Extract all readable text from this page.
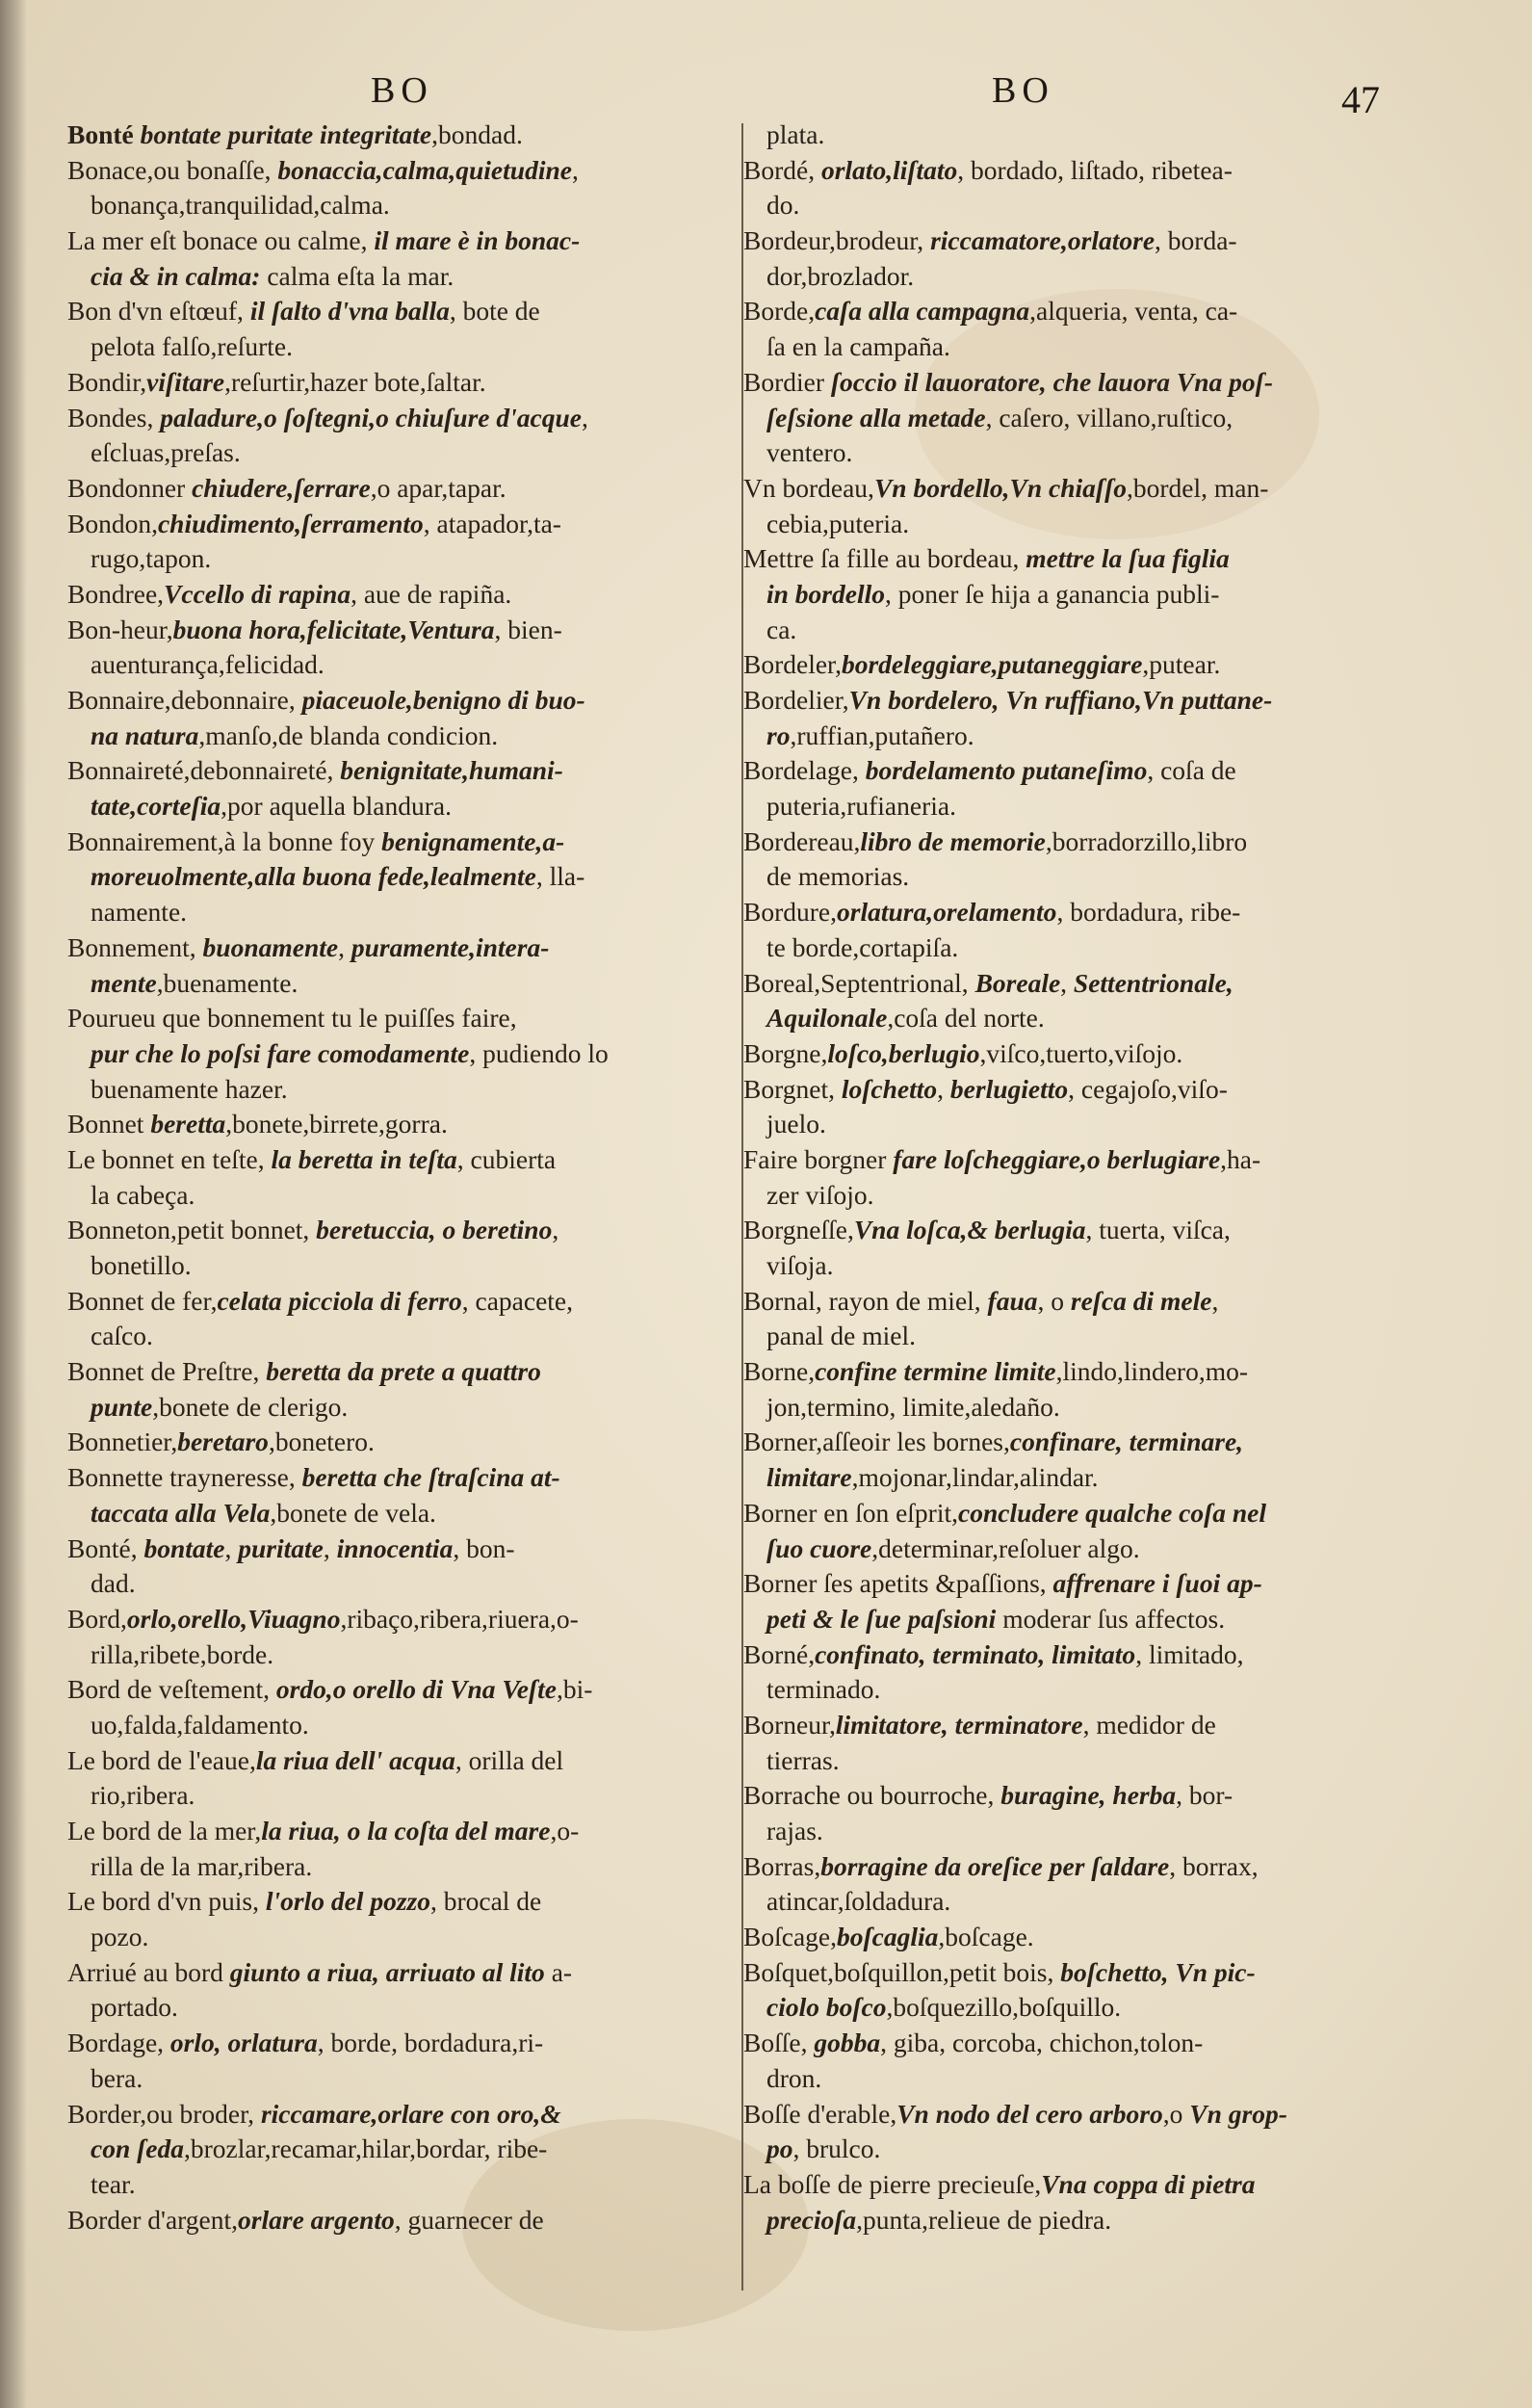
BO	BO	47
Bonté bontate puritate integritate,bondad.
Bonace,ou bonaſſe, bonaccia,calma,quietudine,
bonança,tranquilidad,calma.
La mer eſt bonace ou calme, il mare è in bonac-
cia & in calma: calma eſta la mar.
Bon d'vn eſtœuf, il ſalto d'vna balla, bote de
pelota falſo,reſurte.
Bondir,viſitare,reſurtir,hazer bote,ſaltar.
Bondes, paladure,o ſoſtegni,o chiuſure d'acque,
eſcluas,preſas.
Bondonner chiudere,ſerrare,o apar,tapar.
Bondon,chiudimento,ſerramento, atapador,ta-
rugo,tapon.
Bondree,Vccello di rapina, aue de rapiña.
Bon-heur,buona hora,felicitate,Ventura, bien-
auenturança,felicidad.
Bonnaire,debonnaire, piaceuole,benigno di buo-
na natura,manſo,de blanda condicion.
Bonnaireté,debonnaireté, benignitate,humani-
tate,corteſia,por aquella blandura.
Bonnairement,à la bonne foy benignamente,a-
moreuolmente,alla buona fede,lealmente, lla-
namente.
Bonnement, buonamente, puramente,interа-
mente,buenamente.
Pourueu que bonnement tu le puiſſes faire,
pur che lo poſsi fare comodamente, pudiendo lo
buenamente hazer.
Bonnet beretta,bonete,birrete,gorra.
Le bonnet en teſte, la beretta in teſta, cubierta
la cabeça.
Bonneton,petit bonnet, beretuccia, o beretino,
bonetillo.
Bonnet de fer,celata picciola di ferro, capacete,
caſco.
Bonnet de Preſtre, beretta da prete a quattro
punte,bonete de clerigo.
Bonnetier,beretaro,bonetero.
Bonnette trayneresse, beretta che ſtraſcina at-
taccata alla Vela,bonete de vela.
Bonté, bontate, puritate, innocentia, bon-
dad.
Bord,orlo,orello,Viuagno,ribaço,ribera,riuera,o-
rilla,ribete,borde.
Bord de veſtement, ordo,o orello di Vna Veſte,bi-
uo,falda,faldamento.
Le bord de l'eaue,la riua dell' acqua, orilla del
rio,ribera.
Le bord de la mer,la riua, o la coſta del mare,o-
rilla de la mar,ribera.
Le bord d'vn puis, l'orlo del pozzo, brocal de
pozo.
Arriué au bord giunto a riua, arriuato al lito a-
portado.
Bordage, orlo, orlatura, borde, bordadura,ri-
bera.
Border,ou broder, riccamare,orlare con oro,&
con ſeda,brozlar,recamar,hilar,bordar, ribe-
tear.
Border d'argent,orlare argento, guarnecer de
plata.
Bordé, orlato,liſtato, bordado, liſtado, ribetea-
do.
Bordeur,brodeur, riccamatore,orlatore, borda-
dor,brozlador.
Borde,caſa alla campagna,alqueria, venta, ca-
ſa en la campaña.
Bordier ſoccio il lauoratore, che lauora Vna poſ-
ſeſsione alla metade, caſero, villano,ruſtico,
ventero.
Vn bordeau,Vn bordello,Vn chiaſſo,bordel, man-
cebia,puteria.
Mettre ſa fille au bordeau, mettre la ſua figlia
in bordello, poner ſe hija a ganancia publi-
ca.
Bordeler,bordeleggiare,putaneggiare,putear.
Bordelier,Vn bordelero, Vn ruffiano,Vn puttane-
ro,ruffian,putañero.
Bordelage, bordelamento putaneſimo, coſa de
puteria,rufianeria.
Bordereau,libro de memorie,borradorzillo,libro
de memorias.
Bordure,orlatura,orelamento, bordadura, ribe-
te borde,cortapiſa.
Boreal,Septentrional, Boreale, Settentrionale,
Aquilonale,coſa del norte.
Borgne,loſco,berlugio,viſco,tuerto,viſojo.
Borgnet, loſchetto, berlugietto, cegajoſo,viſo-
juelo.
Faire borgner fare loſcheggiare,o berlugiare,ha-
zer viſojo.
Borgneſſe,Vna loſca,& berlugia, tuerta, viſca,
viſoja.
Bornal, rayon de miel, faua, o reſca di mele,
panal de miel.
Borne,confine termine limite,lindo,lindero,mo-
jon,termino, limite,aledaño.
Borner,aſſeoir les bornes,confinare, terminare,
limitare,mojonar,lindar,alindar.
Borner en ſon eſprit,concludere qualche coſa nel
ſuo cuore,determinar,reſoluer algo.
Borner ſes apetits &paſſions, affrenare i ſuoi ap-
peti & le ſue paſsioni moderar ſus affectos.
Borné,confinato, terminato, limitato, limitado,
terminado.
Borneur,limitatore, terminatore, medidor de
tierras.
Borrache ou bourroche, buragine, herba, bor-
rajas.
Borras,borragine da oreſice per ſaldare, borrax,
atincar,ſoldadura.
Boſcage,boſcaglia,boſcage.
Boſquet,boſquillon,petit bois, boſchetto, Vn pic-
ciolo boſco,boſquezillo,boſquillo.
Boſſe, gobba, giba, corcoba, chichon,tolon-
dron.
Boſſe d'erable,Vn nodo del cero arboro,o Vn grop-
po, brulco.
La boſſe de pierre precieuſe,Vna coppa di pietra
precioſa,punta,relieue de piedra.
